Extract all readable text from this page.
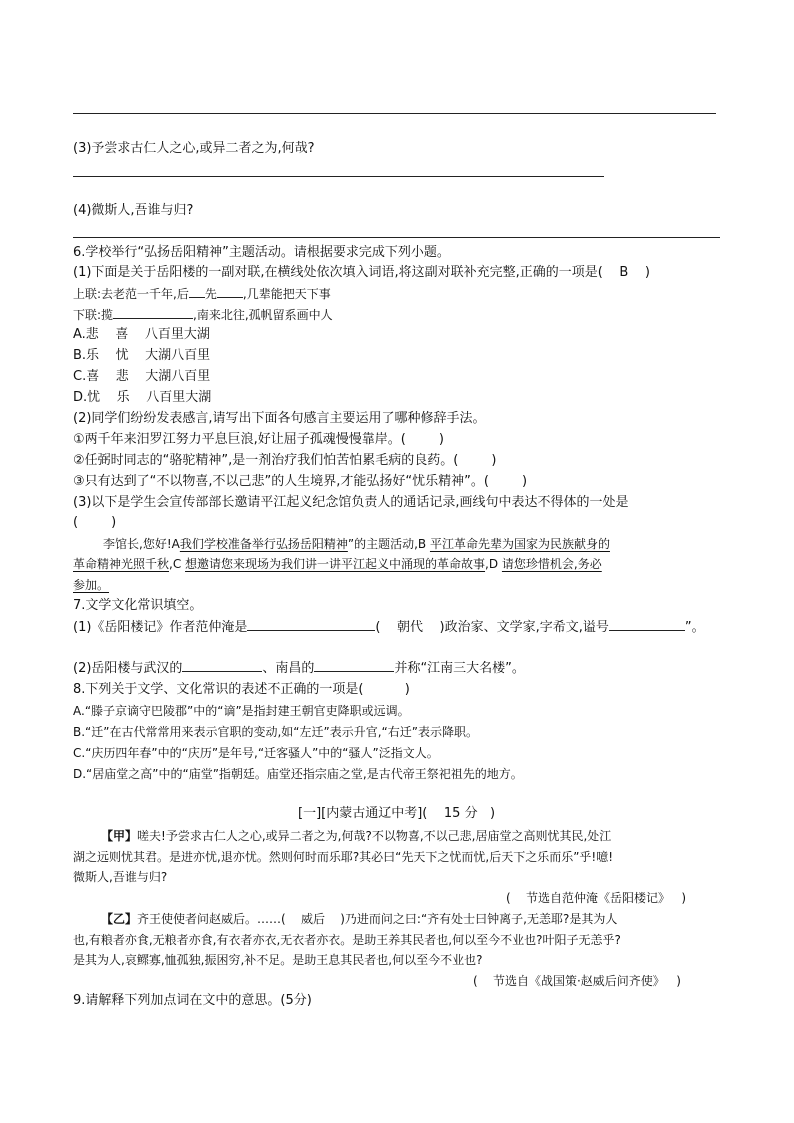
(3)予尝求古仁人之心,或异二者之为,何哉?
(4)微斯人,吾谁与归?
6.学校举行“弘扬岳阳精神”主题活动。请根据要求完成下列小题。
(1)下面是关于岳阳楼的一副对联,在横线处依次填入词语,将这副对联补充完整,正确的一项是(    B    )
上联:去老范一千年,后 先 ,几辈能把天下事
下联:揽	,南来北往,孤帆留系画中人
A.悲    喜    八百里大湖
B.乐    忧    大湖八百里
C.喜    悲    大湖八百里
D.忧    乐    八百里大湖
(2)同学们纷纷发表感言,请写出下面各句感言主要运用了哪种修辞手法。
①两千年来汨罗江努力平息巨浪,好让屈子孤魂慢慢靠岸。(        )
②任弼时同志的“骆驼精神”,是一剂治疗我们怕苦怕累毛病的良药。(        )
③只有达到了“不以物喜,不以己悲”的人生境界,才能弘扬好“忧乐精神”。(        )
(3)以下是学生会宣传部部长邀请平江起义纪念馆负责人的通话记录,画线句中表达不得体的一处是
(        )
李馆长,您好!A我们学校准备举行弘扬岳阳精神”的主题活动,B 平江革命先辈为国家为民族献身的
革命精神光照千秋,C 想邀请您来现场为我们讲一讲平江起义中涌现的革命故事,D 请您珍惜机会,务必
参加。
7.文学文化常识填空。
(1)《岳阳楼记》作者范仲淹是	(    朝代    )政治家、文学家,字希文,谥号	”。
(2)岳阳楼与武汉的	、南昌的	并称“江南三大名楼”。
8.下列关于文学、文化常识的表述不正确的一项是(          )
A.“滕子京谪守巴陵郡”中的“谪”是指封建王朝官吏降职或远调。
B.“迁”在古代常常用来表示官职的变动,如“左迁”表示升官,“右迁”表示降职。
C.“庆历四年春”中的“庆历”是年号,“迁客骚人”中的“骚人”泛指文人。
D.“居庙堂之高”中的“庙堂”指朝廷。庙堂还指宗庙之堂,是古代帝王祭祀祖先的地方。
[一][内蒙古通辽中考](    15 分   )
【甲】嗟夫!予尝求古仁人之心,或异二者之为,何哉?不以物喜,不以己悲,居庙堂之高则忧其民,处江
湖之远则忧其君。是进亦忧,退亦忧。然则何时而乐耶?其必曰“先天下之忧而忧,后天下之乐而乐”乎!噫!
微斯人,吾谁与归?
(    节选自范仲淹《岳阳楼记》   )
【乙】齐王使使者问赵威后。……(    威后    )乃进而问之曰:“齐有处士曰钟离子,无恙耶?是其为人
也,有粮者亦食,无粮者亦食,有衣者亦衣,无衣者亦衣。是助王养其民者也,何以至今不业也?叶阳子无恙乎?
是其为人,哀鳏寡,恤孤独,振困穷,补不足。是助王息其民者也,何以至今不业也?
(    节选自《战国策·赵威后问齐使》   )
9.请解释下列加点词在文中的意思。(5分)
